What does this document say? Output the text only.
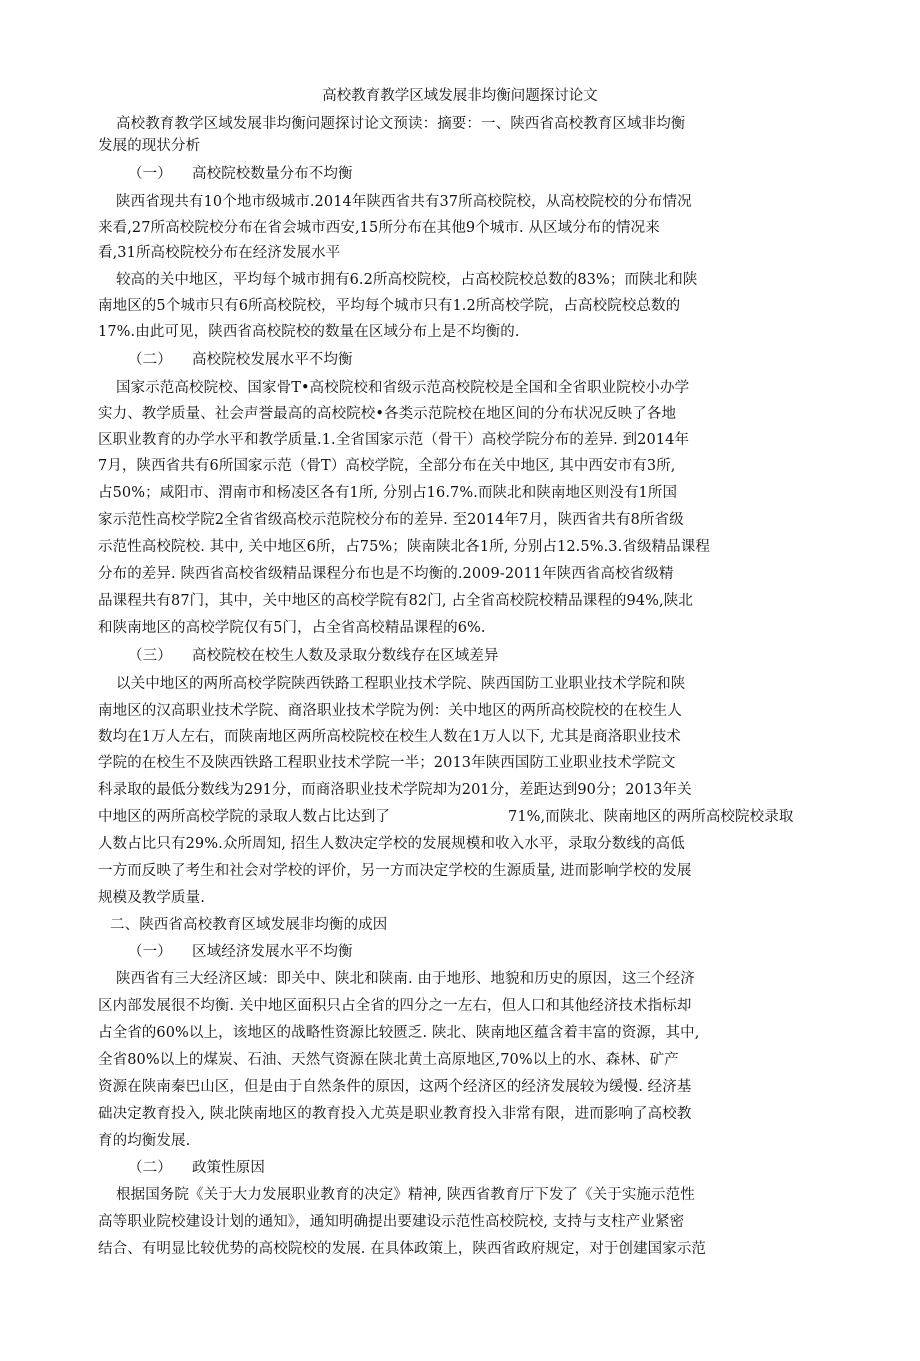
高校教育教学区域发展非均衡问题探讨论文
高校教育教学区域发展非均衡问题探讨论文预读：摘要：一、陕西省高校教育区域非均衡
发展的现状分析
（一） 高校院校数量分布不均衡
陕西省现共有10个地市级城市.2014年陕西省共有37所高校院校，从高校院校的分布情况
来看,27所高校院校分布在省会城市西安,15所分布在其他9个城市. 从区域分布的情况来
看,31所高校院校分布在经济发展水平
较高的关中地区，平均每个城市拥有6.2所高校院校，占高校院校总数的83%；而陕北和陕
南地区的5个城市只有6所高校院校，平均每个城市只有1.2所高校学院，占高校院校总数的
17%.由此可见，陕西省高校院校的数量在区域分布上是不均衡的.
（二） 高校院校发展水平不均衡
国家示范高校院校、国家骨T•高校院校和省级示范高校院校是全国和全省职业院校小办学
实力、教学质量、社会声誉最高的高校院校•各类示范院校在地区间的分布状况反映了各地
区职业教育的办学水平和教学质量.1.全省国家示范（骨干）高校学院分布的差异. 到2014年
7月，陕西省共有6所国家示范（骨T）高校学院，全部分布在关中地区, 其中西安市有3所,
占50%；咸阳市、渭南市和杨凌区各有1所, 分别占16.7%.而陕北和陕南地区则没有1所国
家示范性高校学院2全省省级高校示范院校分布的差异. 至2014年7月，陕西省共有8所省级
示范性高校院校. 其中, 关中地区6所，占75%；陕南陕北各1所, 分别占12.5%.3.省级精品课程
分布的差异. 陕西省高校省级精品课程分布也是不均衡的.2009-2011年陕西省高校省级精
品课程共有87门，其中，关中地区的高校学院有82门, 占全省高校院校精品课程的94%,陕北
和陕南地区的高校学院仅有5门，占全省高校精品课程的6%.
（三） 高校院校在校生人数及录取分数线存在区域差异
以关中地区的两所高校学院陕西铁路工程职业技术学院、陕西国防工业职业技术学院和陕
南地区的汉高职业技术学院、商洛职业技术学院为例：关中地区的两所高校院校的在校生人
数均在1万人左右，而陕南地区两所高校院校在校生人数在1万人以下, 尤其是商洛职业技术
学院的在校生不及陕西铁路工程职业技术学院一半；2013年陕西国防工业职业技术学院文
科录取的最低分数线为291分，而商洛职业技术学院却为201分，差距达到90分；2013年关
中地区的两所高校学院的录取人数占比达到了	71%,而陕北、陕南地区的两所高校院校录取
人数占比只有29%.众所周知, 招生人数决定学校的发展规模和收入水平，录取分数线的高低
一方而反映了考生和社会对学校的评价，另一方而决定学校的生源质量, 进而影响学校的发展
规模及教学质量.
二、陕西省高校教育区域发展非均衡的成因
（一） 区域经济发展水平不均衡
陕西省有三大经济区域：即关中、陕北和陕南. 由于地形、地貌和历史的原因，这三个经济
区内部发展很不均衡. 关中地区面积只占全省的四分之一左右，但人口和其他经济技术指标却
占全省的60%以上，该地区的战略性资源比较匮乏. 陕北、陕南地区蕴含着丰富的资源，其中,
全省80%以上的煤炭、石油、天然气资源在陕北黄土高原地区,70%以上的水、森林、矿产
资源在陕南秦巴山区，但是由于自然条件的原因，这两个经济区的经济发展较为缓慢. 经济基
础决定教育投入, 陕北陕南地区的教育投入尤英是职业教育投入非常有限，进而影响了高校教
育的均衡发展.
（二） 政策性原因
根据国务院《关于大力发展职业教育的决定》精神, 陕西省教育厅下发了《关于实施示范性
高等职业院校建设计划的通知》，通知明确提出要建设示范性高校院校, 支持与支柱产业紧密
结合、有明显比较优势的高校院校的发展. 在具体政策上，陕西省政府规定，对于创建国家示范
